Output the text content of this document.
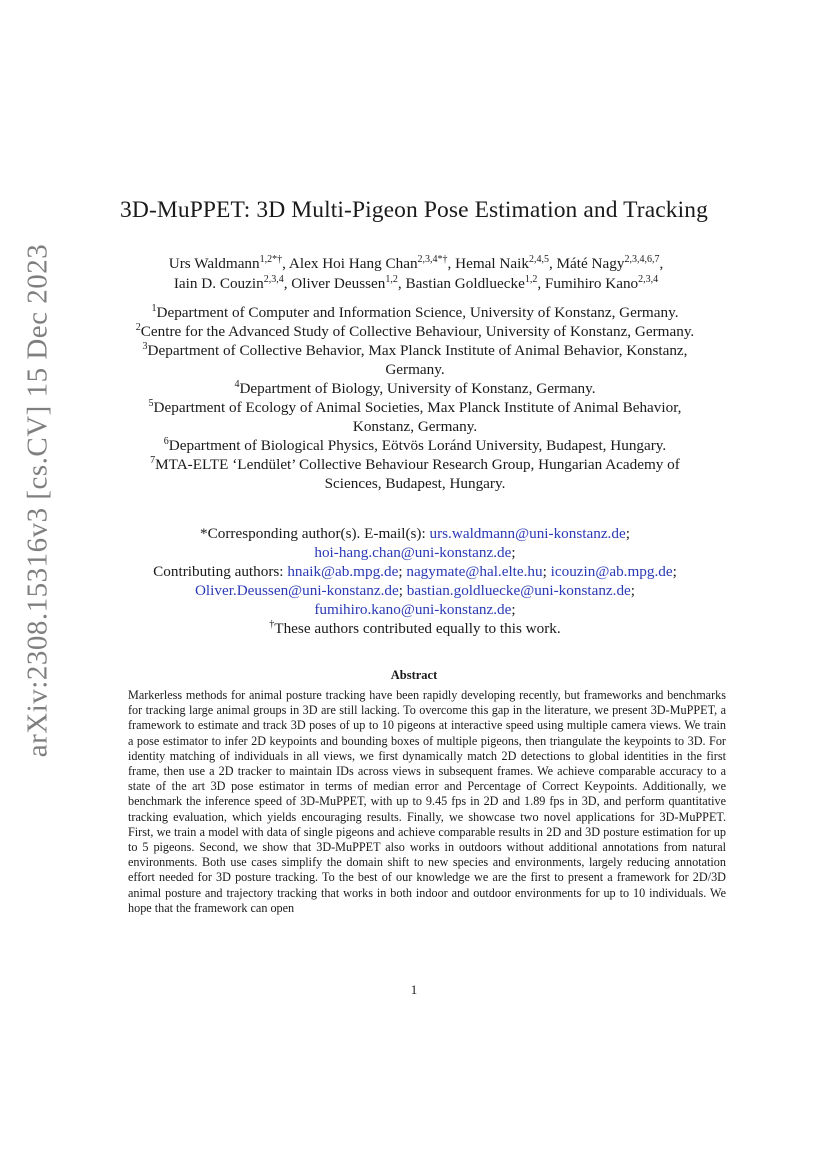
arXiv:2308.15316v3 [cs.CV] 15 Dec 2023
3D-MuPPET: 3D Multi-Pigeon Pose Estimation and Tracking
Urs Waldmann$^{1,2*\dagger}$, Alex Hoi Hang Chan$^{2,3,4*\dagger}$, Hemal Naik$^{2,4,5}$, Máté Nagy$^{2,3,4,6,7}$,
Iain D. Couzin$^{2,3,4}$, Oliver Deussen$^{1,2}$, Bastian Goldluecke$^{1,2}$, Fumihiro Kano$^{2,3,4}$

$^1$Department of Computer and Information Science, University of Konstanz, Germany.

$^2$Centre for the Advanced Study of Collective Behaviour, University of Konstanz, Germany.

$^3$Department of Collective Behavior, Max Planck Institute of Animal Behavior, Konstanz,
Germany.

$^4$Department of Biology, University of Konstanz, Germany.

$^5$Department of Ecology of Animal Societies, Max Planck Institute of Animal Behavior,
Konstanz, Germany.

$^6$Department of Biological Physics, Eötvös Loránd University, Budapest, Hungary.

$^7$MTA-ELTE ‘Lendület’ Collective Behaviour Research Group, Hungarian Academy of
Sciences, Budapest, Hungary.

*Corresponding author(s). E-mail(s): urs.waldmann@uni-konstanz.de;
hoi-hang.chan@uni-konstanz.de;
Contributing authors: hnaik@ab.mpg.de; nagymate@hal.elte.hu; icouzin@ab.mpg.de;
Oliver.Deussen@uni-konstanz.de; bastian.goldluecke@uni-konstanz.de;
fumihiro.kano@uni-konstanz.de;
†These authors contributed equally to this work.
Abstract
Markerless methods for animal posture tracking have been rapidly developing recently, but frameworks and benchmarks for tracking large animal groups in 3D are still lacking. To overcome this gap in the literature, we present 3D-MuPPET, a framework to estimate and track 3D poses of up to 10 pigeons at interactive speed using multiple camera views. We train a pose estimator to infer 2D keypoints and bounding boxes of multiple pigeons, then triangulate the keypoints to 3D. For identity matching of individuals in all views, we first dynamically match 2D detections to global identities in the first frame, then use a 2D tracker to maintain IDs across views in subsequent frames. We achieve comparable accuracy to a state of the art 3D pose estimator in terms of median error and Percentage of Correct Keypoints. Additionally, we benchmark the inference speed of 3D-MuPPET, with up to 9.45 fps in 2D and 1.89 fps in 3D, and perform quantitative tracking evaluation, which yields encouraging results. Finally, we showcase two novel applications for 3D-MuPPET. First, we train a model with data of single pigeons and achieve comparable results in 2D and 3D posture estimation for up to 5 pigeons. Second, we show that 3D-MuPPET also works in outdoors without additional annotations from natural environments. Both use cases simplify the domain shift to new species and environments, largely reducing annotation effort needed for 3D posture tracking. To the best of our knowledge we are the first to present a framework for 2D/3D animal posture and trajectory tracking that works in both indoor and outdoor environments for up to 10 individuals. We hope that the framework can open
1
